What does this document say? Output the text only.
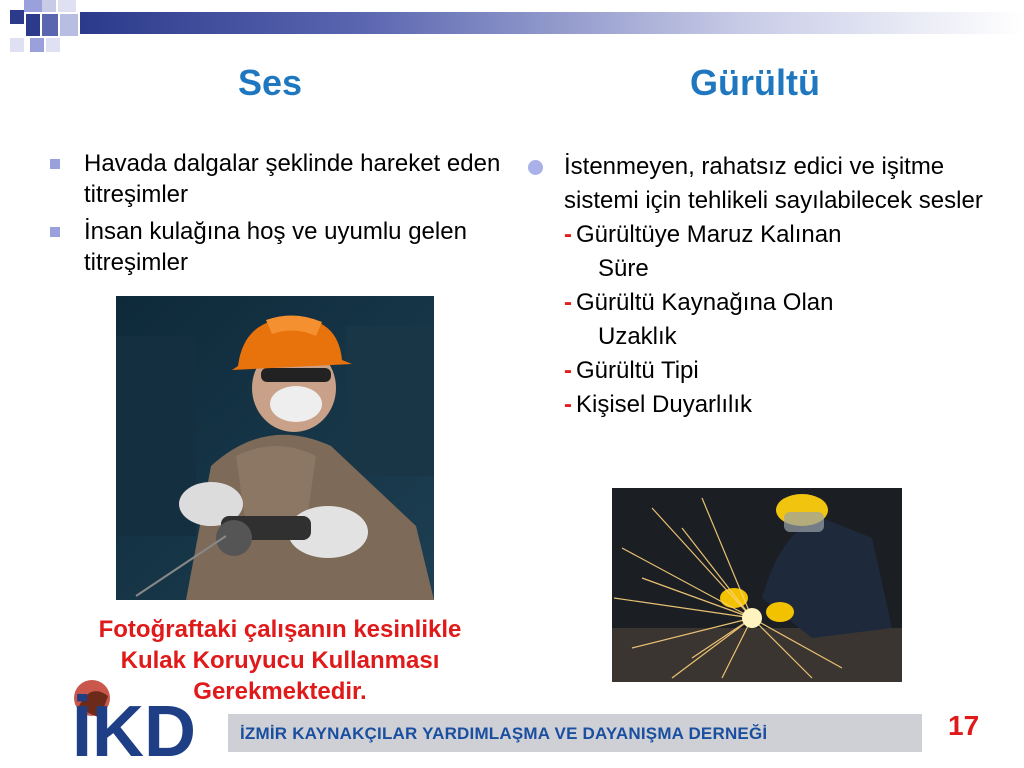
Ses	Gürültü
Havada dalgalar şeklinde hareket eden titreşimler
İnsan kulağına hoş ve uyumlu gelen titreşimler
İstenmeyen, rahatsız edici ve işitme sistemi için tehlikeli sayılabilecek sesler
- Gürültüye Maruz Kalınan
Süre
- Gürültü Kaynağına Olan
Uzaklık
- Gürültü Tipi
- Kişisel Duyarlılık
Fotoğraftaki çalışanın kesinlikle
Kulak Koruyucu Kullanması
Gerekmektedir.
İKD	İZMİR KAYNAKÇILAR YARDIMLAŞMA VE DAYANIŞMA DERNEĞİ	17
